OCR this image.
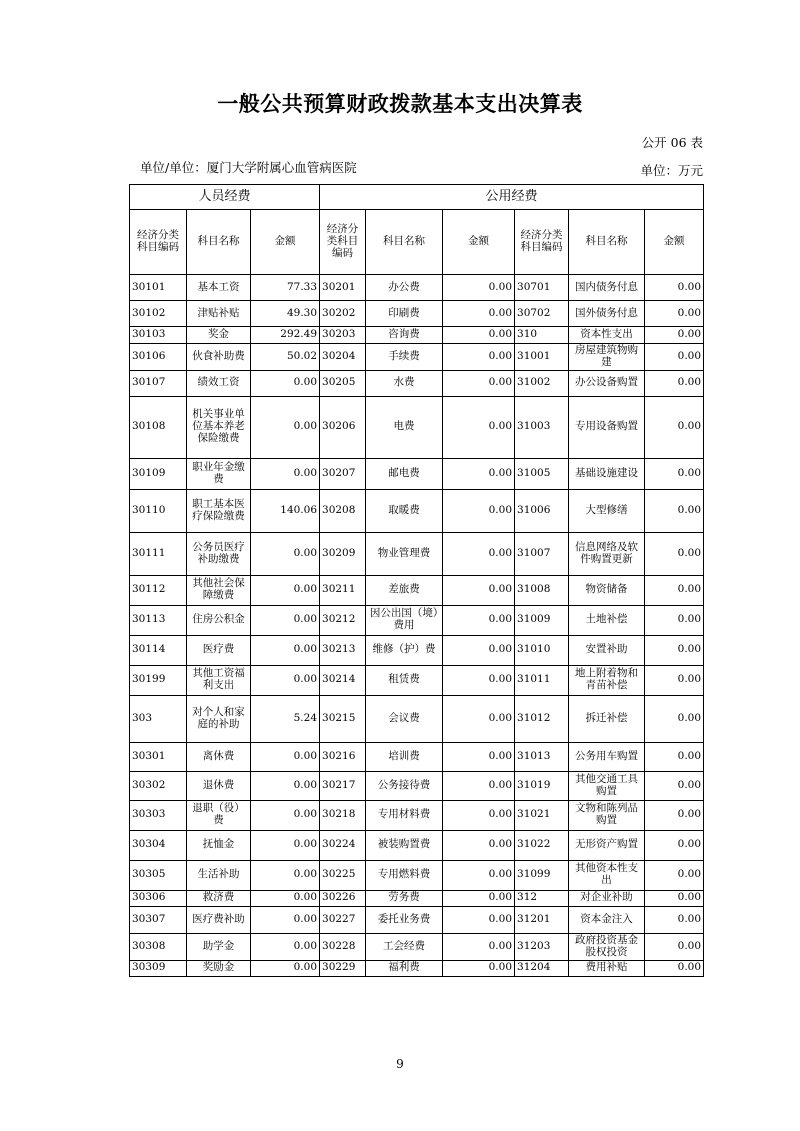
一般公共预算财政拨款基本支出决算表
公开 06 表
单位/单位：厦门大学附属心血管病医院	单位：万元
人员经费			公用经费					
经济分类科目编码	科目名称	金额	经济分类科目编码	科目名称	金额	经济分类科目编码	科目名称	金额
30101	基本工资	77.33	30201	办公费	0.00	30701	国内债务付息	0.00
30102	津贴补贴	49.30	30202	印刷费	0.00	30702	国外债务付息	0.00
30103	奖金	292.49	30203	咨询费	0.00	310	资本性支出	0.00
30106	伙食补助费	50.02	30204	手续费	0.00	31001	房屋建筑物购建	0.00
30107	绩效工资	0.00	30205	水费	0.00	31002	办公设备购置	0.00
30108	机关事业单位基本养老保险缴费	0.00	30206	电费	0.00	31003	专用设备购置	0.00
30109	职业年金缴费	0.00	30207	邮电费	0.00	31005	基础设施建设	0.00
30110	职工基本医疗保险缴费	140.06	30208	取暖费	0.00	31006	大型修缮	0.00
30111	公务员医疗补助缴费	0.00	30209	物业管理费	0.00	31007	信息网络及软件购置更新	0.00
30112	其他社会保障缴费	0.00	30211	差旅费	0.00	31008	物资储备	0.00
30113	住房公积金	0.00	30212	因公出国（境）费用	0.00	31009	土地补偿	0.00
30114	医疗费	0.00	30213	维修（护）费	0.00	31010	安置补助	0.00
30199	其他工资福利支出	0.00	30214	租赁费	0.00	31011	地上附着物和青苗补偿	0.00
303	对个人和家庭的补助	5.24	30215	会议费	0.00	31012	拆迁补偿	0.00
30301	离休费	0.00	30216	培训费	0.00	31013	公务用车购置	0.00
30302	退休费	0.00	30217	公务接待费	0.00	31019	其他交通工具购置	0.00
30303	退职（役）费	0.00	30218	专用材料费	0.00	31021	文物和陈列品购置	0.00
30304	抚恤金	0.00	30224	被装购置费	0.00	31022	无形资产购置	0.00
30305	生活补助	0.00	30225	专用燃料费	0.00	31099	其他资本性支出	0.00
30306	救济费	0.00	30226	劳务费	0.00	312	对企业补助	0.00
30307	医疗费补助	0.00	30227	委托业务费	0.00	31201	资本金注入	0.00
30308	助学金	0.00	30228	工会经费	0.00	31203	政府投资基金股权投资	0.00
30309	奖励金	0.00	30229	福利费	0.00	31204	费用补贴	0.00
9
